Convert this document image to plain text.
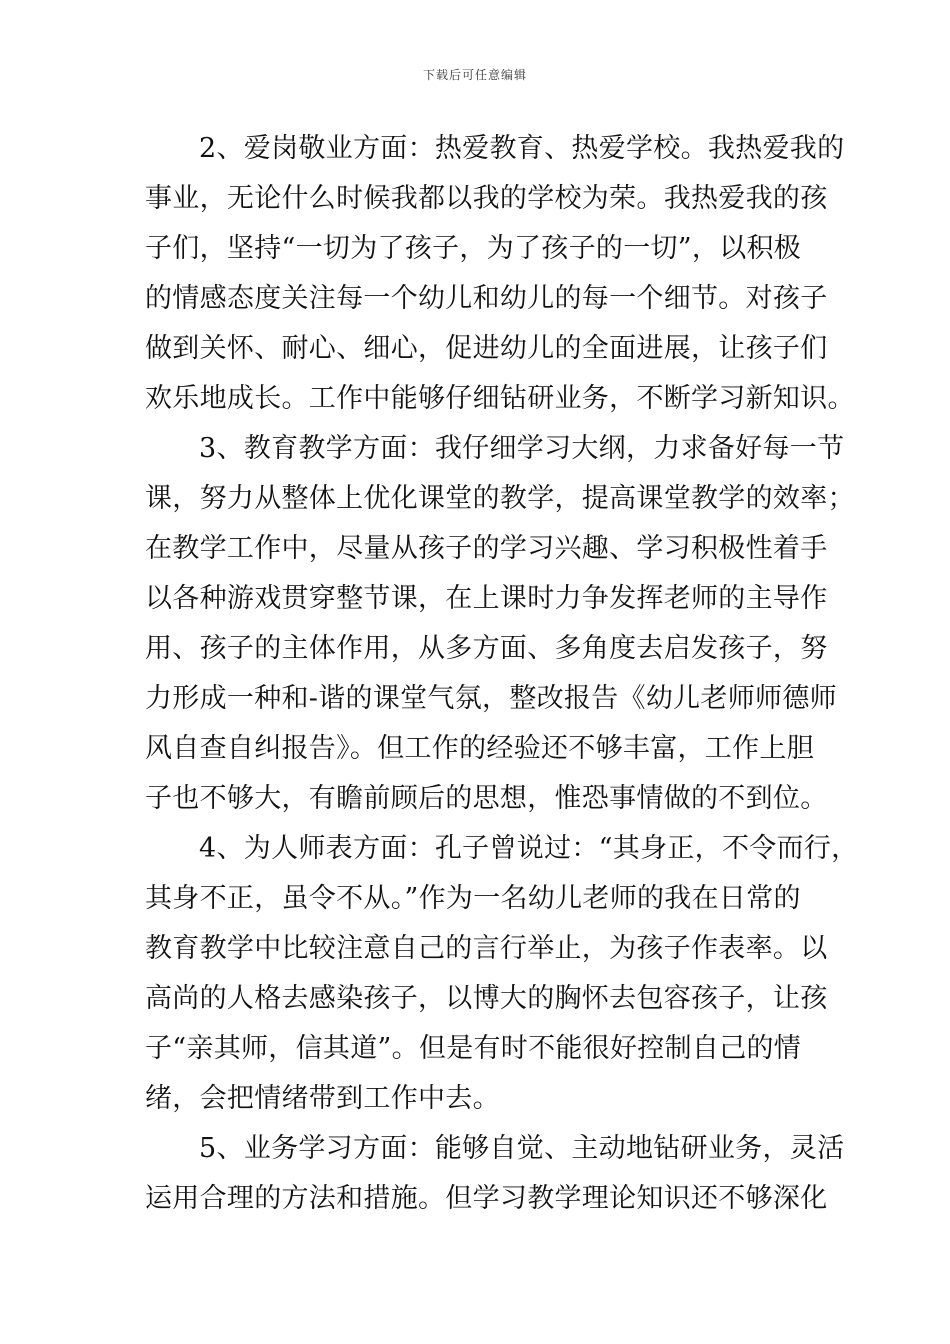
下载后可任意编辑
2、爱岗敬业方面：热爱教育、热爱学校。我热爱我的
事业，无论什么时候我都以我的学校为荣。我热爱我的孩
子们，坚持“一切为了孩子，为了孩子的一切”，以积极
的情感态度关注每一个幼儿和幼儿的每一个细节。对孩子
做到关怀、耐心、细心，促进幼儿的全面进展，让孩子们
欢乐地成长。工作中能够仔细钻研业务，不断学习新知识。
3、教育教学方面：我仔细学习大纲，力求备好每一节
课，努力从整体上优化课堂的教学，提高课堂教学的效率；
在教学工作中，尽量从孩子的学习兴趣、学习积极性着手
以各种游戏贯穿整节课，在上课时力争发挥老师的主导作
用、孩子的主体作用，从多方面、多角度去启发孩子，努
力形成一种和-谐的课堂气氛，整改报告《幼儿老师师德师
风自查自纠报告》。但工作的经验还不够丰富，工作上胆
子也不够大，有瞻前顾后的思想，惟恐事情做的不到位。
4、为人师表方面：孔子曾说过：“其身正，不令而行，
其身不正，虽令不从。”作为一名幼儿老师的我在日常的
教育教学中比较注意自己的言行举止，为孩子作表率。以
高尚的人格去感染孩子，以博大的胸怀去包容孩子，让孩
子“亲其师，信其道”。但是有时不能很好控制自己的情
绪，会把情绪带到工作中去。
5、业务学习方面：能够自觉、主动地钻研业务，灵活
运用合理的方法和措施。但学习教学理论知识还不够深化
